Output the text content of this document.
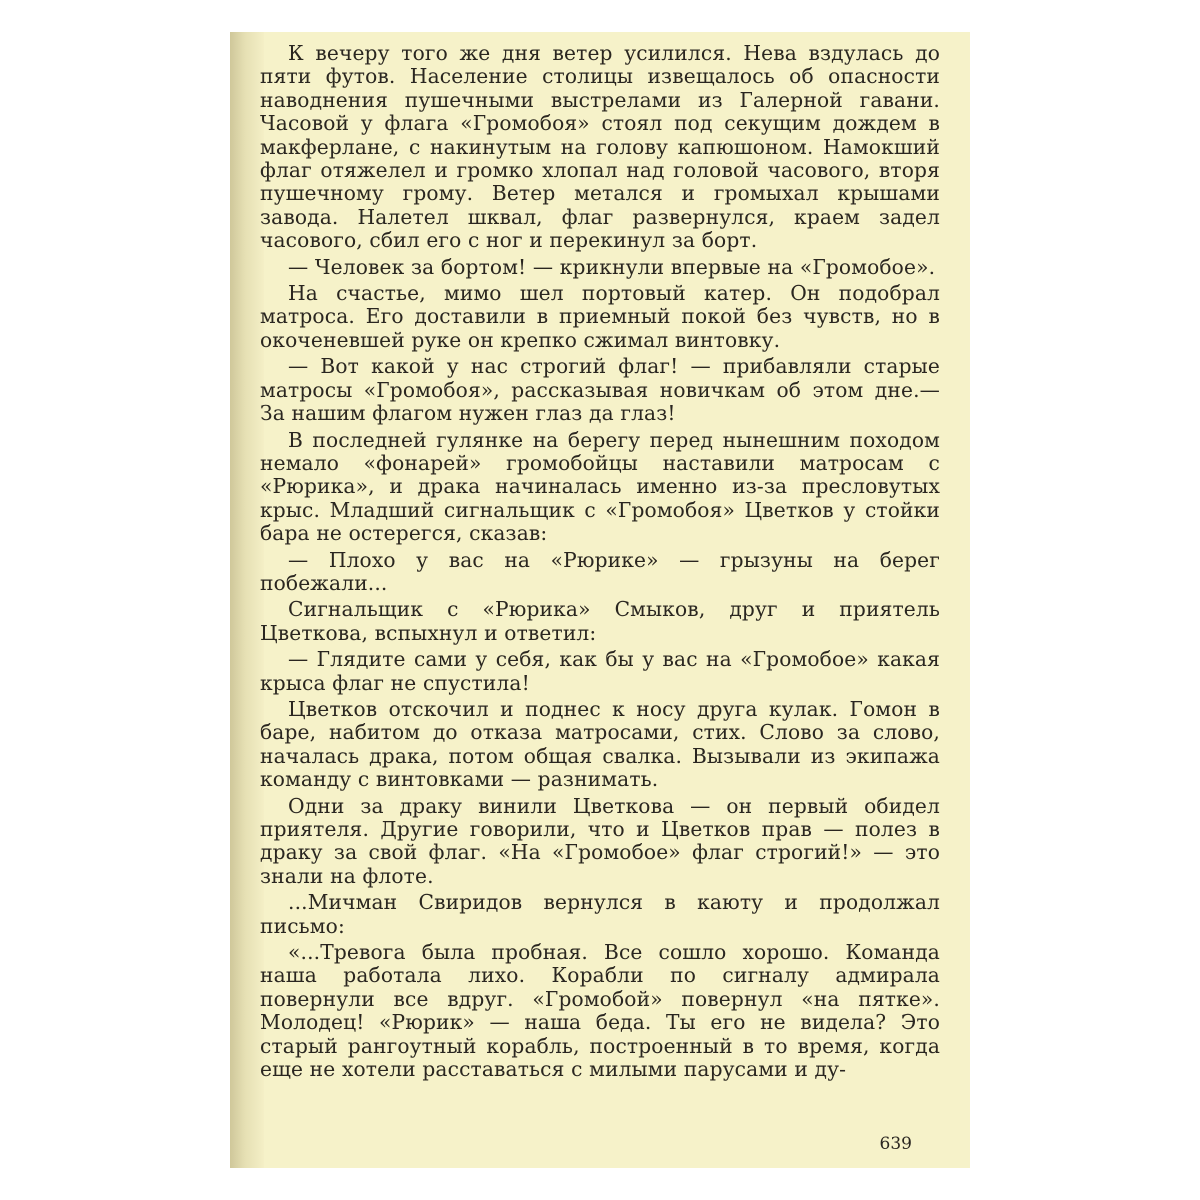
К вечеру того же дня ветер усилился. Нева вздулась до пяти футов. Население столицы извещалось об опасности наводнения пушечными выстрелами из Галерной гавани. Часовой у флага «Громобоя» стоял под секущим дождем в макферлане, с накинутым на голову капюшоном. Намокший флаг отяжелел и громко хлопал над головой часового, вторя пушечному грому. Ветер метался и громыхал крышами завода. Налетел шквал, флаг развернулся, краем задел часового, сбил его с ног и перекинул за борт.

— Человек за бортом! — крикнули впервые на «Громобое».

На счастье, мимо шел портовый катер. Он подобрал матроса. Его доставили в приемный покой без чувств, но в окоченевшей руке он крепко сжимал винтовку.

— Вот какой у нас строгий флаг! — прибавляли старые матросы «Громобоя», рассказывая новичкам об этом дне.— За нашим флагом нужен глаз да глаз!

В последней гулянке на берегу перед нынешним походом немало «фонарей» громобойцы наставили матросам с «Рюрика», и драка начиналась именно из-за пресловутых крыс. Младший сигнальщик с «Громобоя» Цветков у стойки бара не остерегся, сказав:

— Плохо у вас на «Рюрике» — грызуны на берег побежали...

Сигнальщик с «Рюрика» Смыков, друг и приятель Цветкова, вспыхнул и ответил:

— Глядите сами у себя, как бы у вас на «Громобое» какая крыса флаг не спустила!

Цветков отскочил и поднес к носу друга кулак. Гомон в баре, набитом до отказа матросами, стих. Слово за слово, началась драка, потом общая свалка. Вызывали из экипажа команду с винтовками — разнимать.

Одни за драку винили Цветкова — он первый обидел приятеля. Другие говорили, что и Цветков прав — полез в драку за свой флаг. «На «Громобое» флаг строгий!» — это знали на флоте.

...Мичман Свиридов вернулся в каюту и продолжал письмо:

«...Тревога была пробная. Все сошло хорошо. Команда наша работала лихо. Корабли по сигналу адмирала повернули все вдруг. «Громобой» повернул «на пятке». Молодец! «Рюрик» — наша беда. Ты его не видела? Это старый рангоутный корабль, построенный в то время, когда еще не хотели расставаться с милыми парусами и ду-

639
